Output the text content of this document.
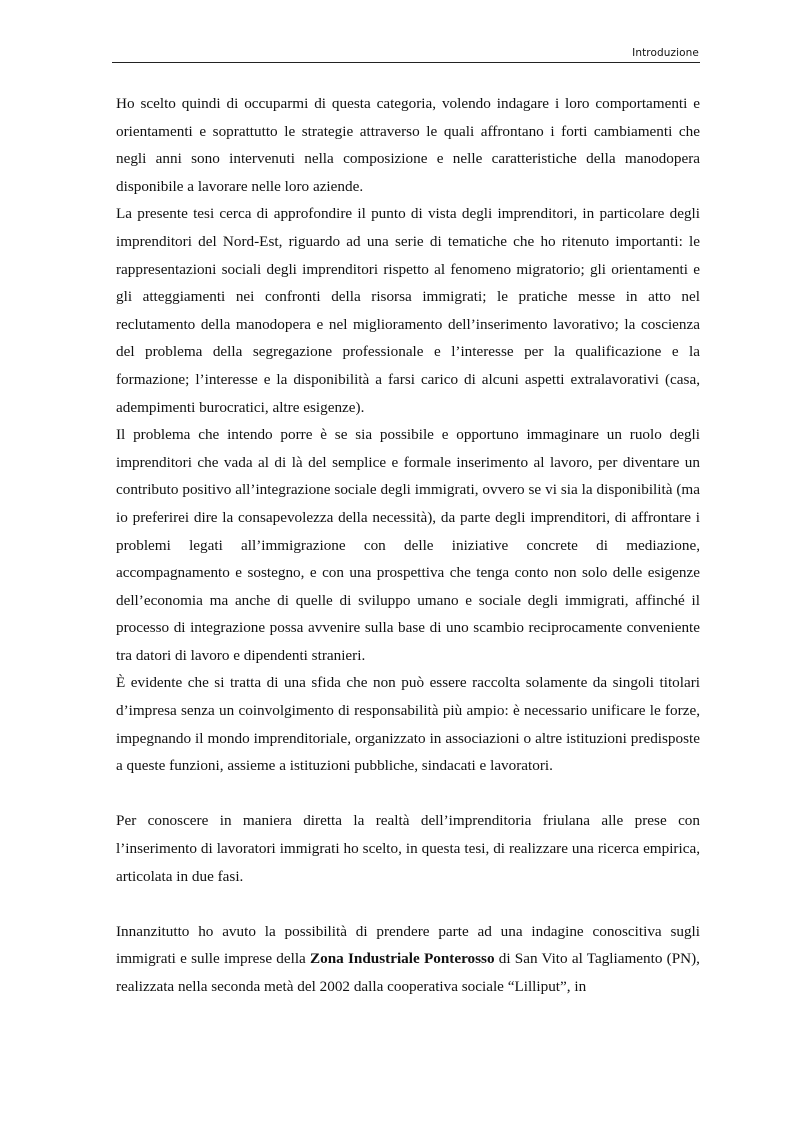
Introduzione

Ho scelto quindi di occuparmi di questa categoria, volendo indagare i loro comportamenti e orientamenti e soprattutto le strategie attraverso le quali affrontano i forti cambiamenti che negli anni sono intervenuti nella composizione e nelle caratteristiche della manodopera disponibile a lavorare nelle loro aziende.

La presente tesi cerca di approfondire il punto di vista degli imprenditori, in particolare degli imprenditori del Nord-Est, riguardo ad una serie di tematiche che ho ritenuto importanti: le rappresentazioni sociali degli imprenditori rispetto al fenomeno migratorio; gli orientamenti e gli atteggiamenti nei confronti della risorsa immigrati; le pratiche messe in atto nel reclutamento della manodopera e nel miglioramento dell’inserimento lavorativo; la coscienza del problema della segregazione professionale e l’interesse per la qualificazione e la formazione; l’interesse e la disponibilità a farsi carico di alcuni aspetti extralavorativi (casa, adempimenti burocratici, altre esigenze).

Il problema che intendo porre è se sia possibile e opportuno immaginare un ruolo degli imprenditori che vada al di là del semplice e formale inserimento al lavoro, per diventare un contributo positivo all’integrazione sociale degli immigrati, ovvero se vi sia la disponibilità (ma io preferirei dire la consapevolezza della necessità), da parte degli imprenditori, di affrontare i problemi legati all’immigrazione con delle iniziative concrete di mediazione, accompagnamento e sostegno, e con una prospettiva che tenga conto non solo delle esigenze dell’economia ma anche di quelle di sviluppo umano e sociale degli immigrati, affinché il processo di integrazione possa avvenire sulla base di uno scambio reciprocamente conveniente tra datori di lavoro e dipendenti stranieri.

È evidente che si tratta di una sfida che non può essere raccolta solamente da singoli titolari d’impresa senza un coinvolgimento di responsabilità più ampio: è necessario unificare le forze, impegnando il mondo imprenditoriale, organizzato in associazioni o altre istituzioni predisposte a queste funzioni, assieme a istituzioni pubbliche, sindacati e lavoratori.

Per conoscere in maniera diretta la realtà dell’imprenditoria friulana alle prese con l’inserimento di lavoratori immigrati ho scelto, in questa tesi, di realizzare una ricerca empirica, articolata in due fasi.

Innanzitutto ho avuto la possibilità di prendere parte ad una indagine conoscitiva sugli immigrati e sulle imprese della Zona Industriale Ponterosso di San Vito al Tagliamento (PN), realizzata nella seconda metà del 2002 dalla cooperativa sociale “Lilliput”, in
